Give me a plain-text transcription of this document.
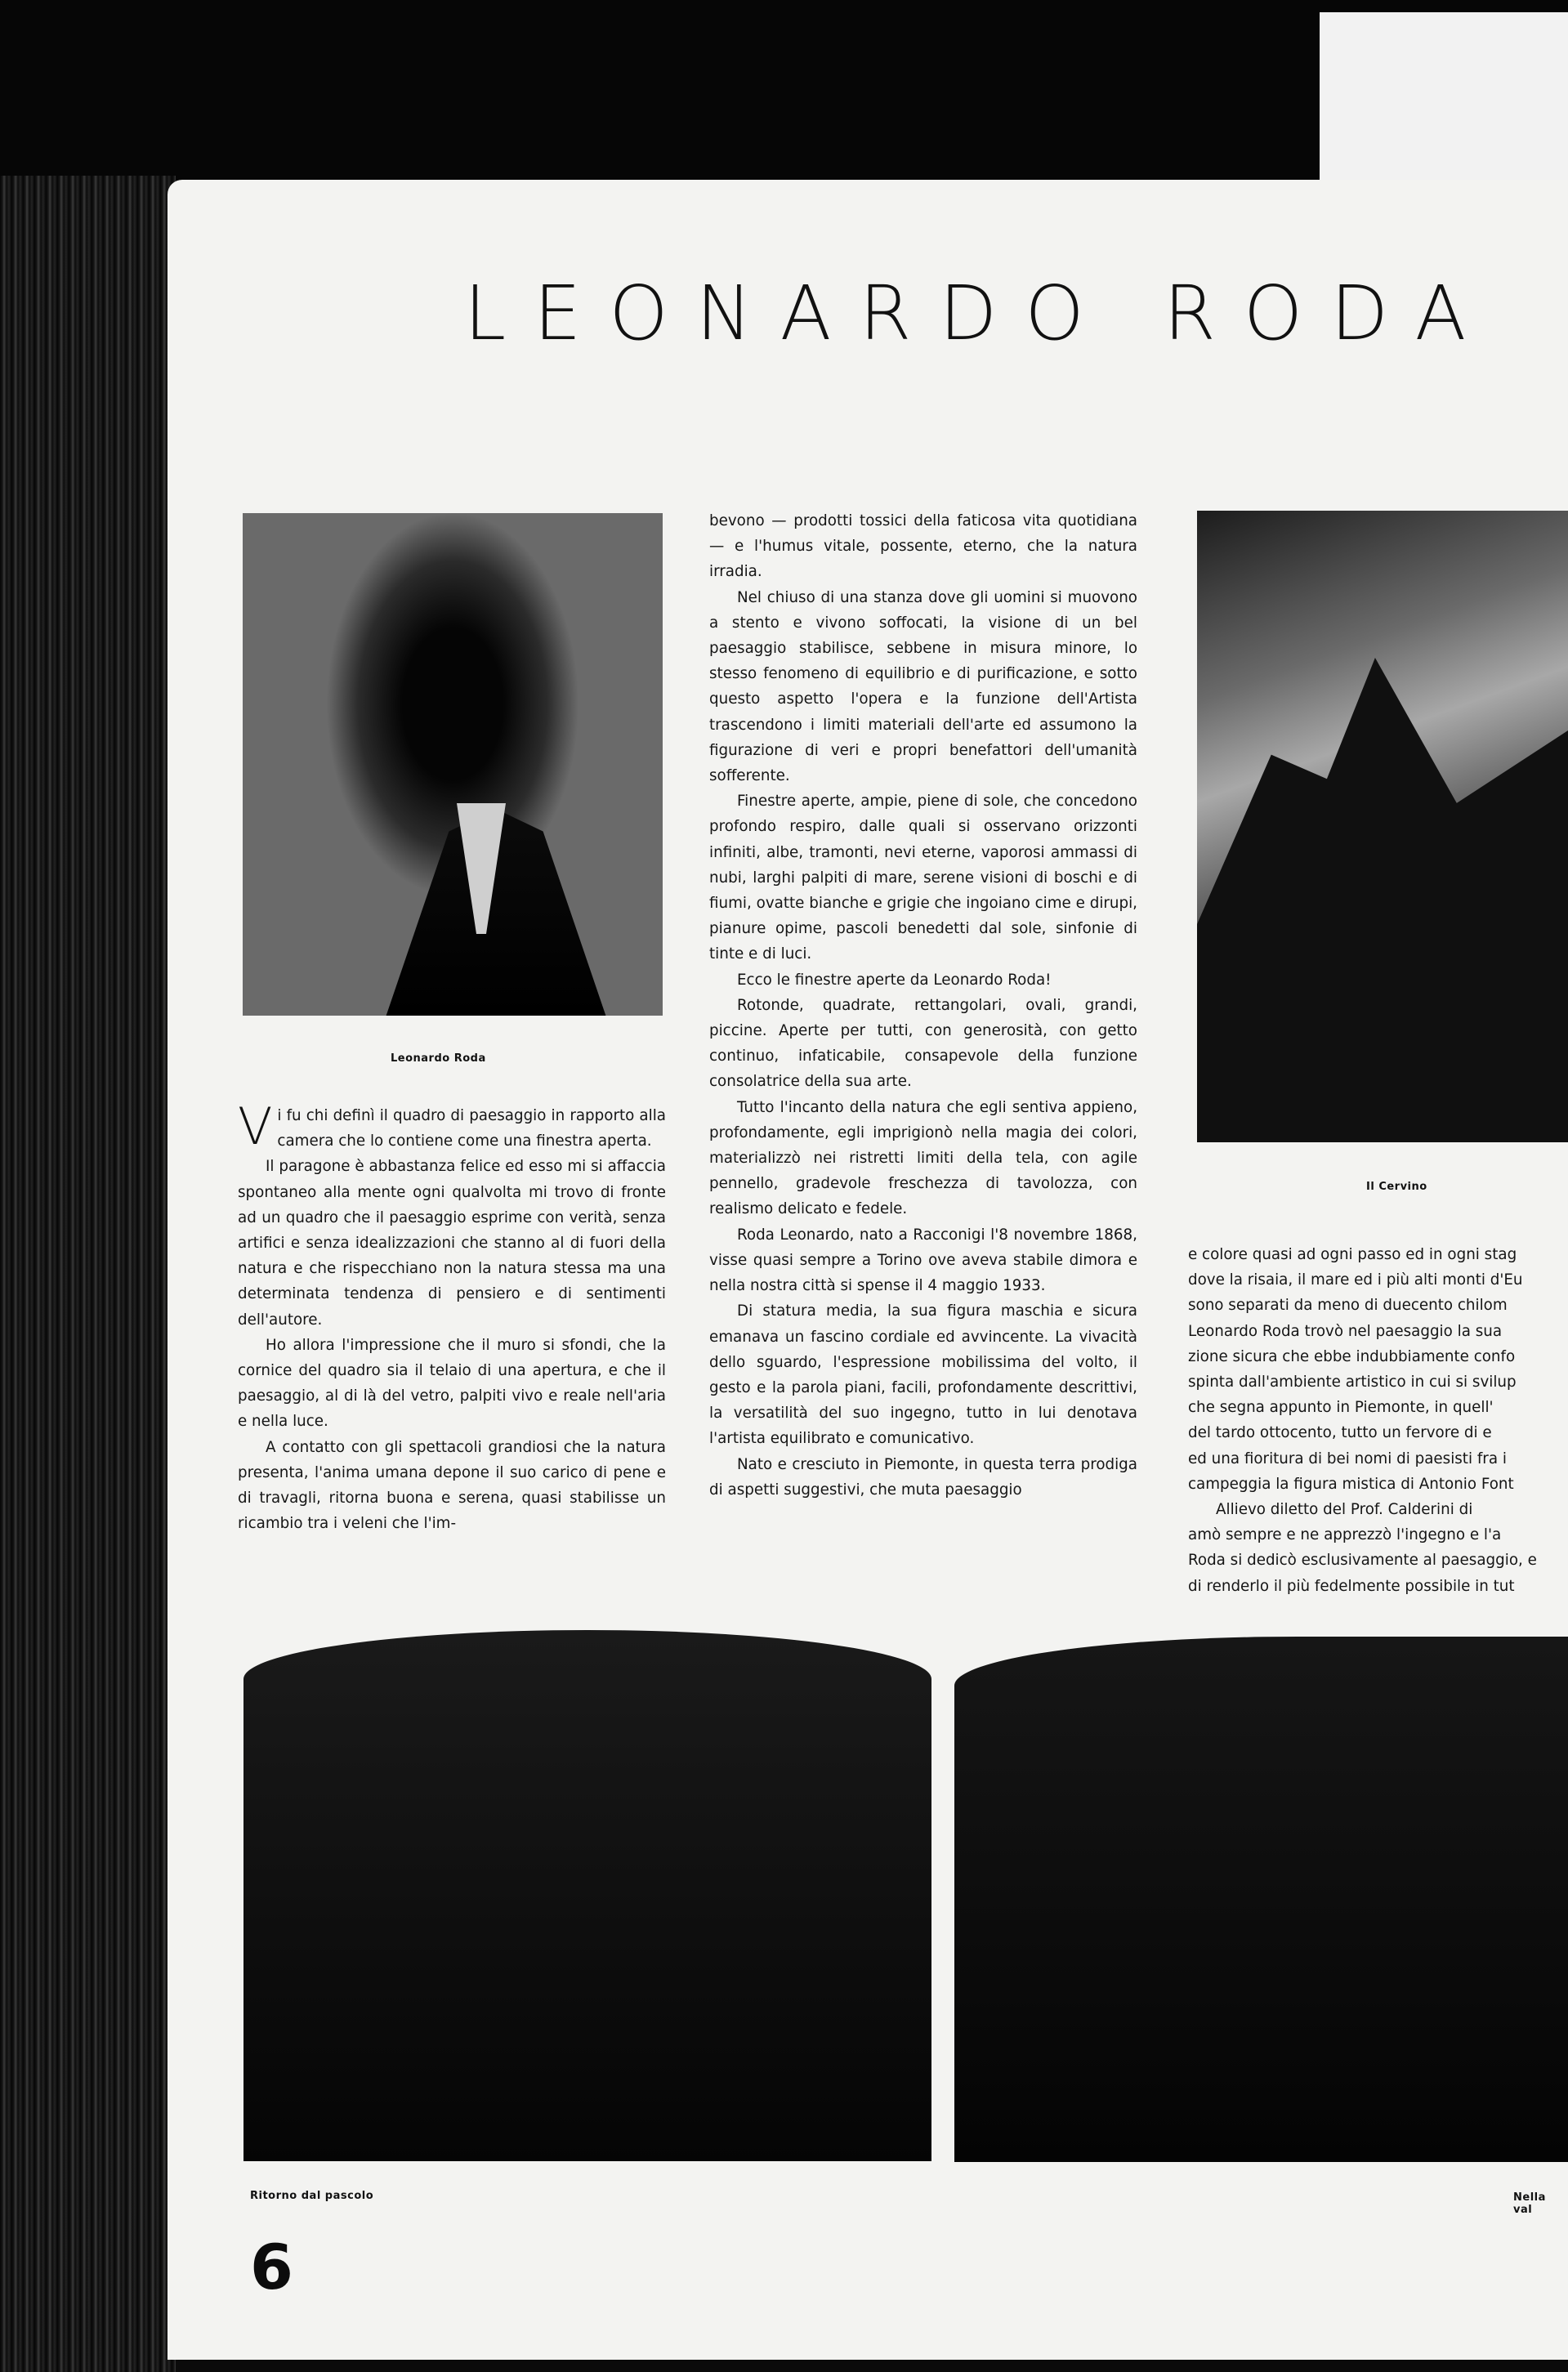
LEONARDO RODA
Leonardo Roda
Il Cervino
Ritorno dal pascolo	Nella val

Vi fu chi definì il quadro di paesaggio in rapporto alla camera che lo contiene come una finestra aperta.

Il paragone è abbastanza felice ed esso mi si affaccia spontaneo alla mente ogni qualvolta mi trovo di fronte ad un quadro che il paesaggio esprime con verità, senza artifici e senza idealizzazioni che stanno al di fuori della natura e che rispecchiano non la natura stessa ma una determinata tendenza di pensiero e di sentimenti dell'autore.

Ho allora l'impressione che il muro si sfondi, che la cornice del quadro sia il telaio di una apertura, e che il paesaggio, al di là del vetro, palpiti vivo e reale nell'aria e nella luce.

A contatto con gli spettacoli grandiosi che la natura presenta, l'anima umana depone il suo carico di pene e di travagli, ritorna buona e serena, quasi stabilisse un ricambio tra i veleni che l'im-

bevono — prodotti tossici della faticosa vita quotidiana — e l'humus vitale, possente, eterno, che la natura irradia.

Nel chiuso di una stanza dove gli uomini si muovono a stento e vivono soffocati, la visione di un bel paesaggio stabilisce, sebbene in misura minore, lo stesso fenomeno di equilibrio e di purificazione, e sotto questo aspetto l'opera e la funzione dell'Artista trascendono i limiti materiali dell'arte ed assumono la figurazione di veri e propri benefattori dell'umanità sofferente.

Finestre aperte, ampie, piene di sole, che concedono profondo respiro, dalle quali si osservano orizzonti infiniti, albe, tramonti, nevi eterne, vaporosi ammassi di nubi, larghi palpiti di mare, serene visioni di boschi e di fiumi, ovatte bianche e grigie che ingoiano cime e dirupi, pianure opime, pascoli benedetti dal sole, sinfonie di tinte e di luci.

Ecco le finestre aperte da Leonardo Roda!

Rotonde, quadrate, rettangolari, ovali, grandi, piccine. Aperte per tutti, con generosità, con getto continuo, infaticabile, consapevole della funzione consolatrice della sua arte.

Tutto l'incanto della natura che egli sentiva appieno, profondamente, egli imprigionò nella magia dei colori, materializzò nei ristretti limiti della tela, con agile pennello, gradevole freschezza di tavolozza, con realismo delicato e fedele.

Roda Leonardo, nato a Racconigi l'8 novembre 1868, visse quasi sempre a Torino ove aveva stabile dimora e nella nostra città si spense il 4 maggio 1933.

Di statura media, la sua figura maschia e sicura emanava un fascino cordiale ed avvincente. La vivacità dello sguardo, l'espressione mobilissima del volto, il gesto e la parola piani, facili, profondamente descrittivi, la versatilità del suo ingegno, tutto in lui denotava l'artista equilibrato e comunicativo.

Nato e cresciuto in Piemonte, in questa terra prodiga di aspetti suggestivi, che muta paesaggio

e colore quasi ad ogni passo ed in ogni stag

dove la risaia, il mare ed i più alti monti d'Eu

sono separati da meno di duecento chilom

Leonardo Roda trovò nel paesaggio la sua

zione sicura che ebbe indubbiamente confo

spinta dall'ambiente artistico in cui si svilup

che segna appunto in Piemonte, in quell'

del tardo ottocento, tutto un fervore di e

ed una fioritura di bei nomi di paesisti fra i

campeggia la figura mistica di Antonio Font

Allievo diletto del Prof. Calderini di

amò sempre e ne apprezzò l'ingegno e l'a

Roda si dedicò esclusivamente al paesaggio, e

di renderlo il più fedelmente possibile in tut

6
